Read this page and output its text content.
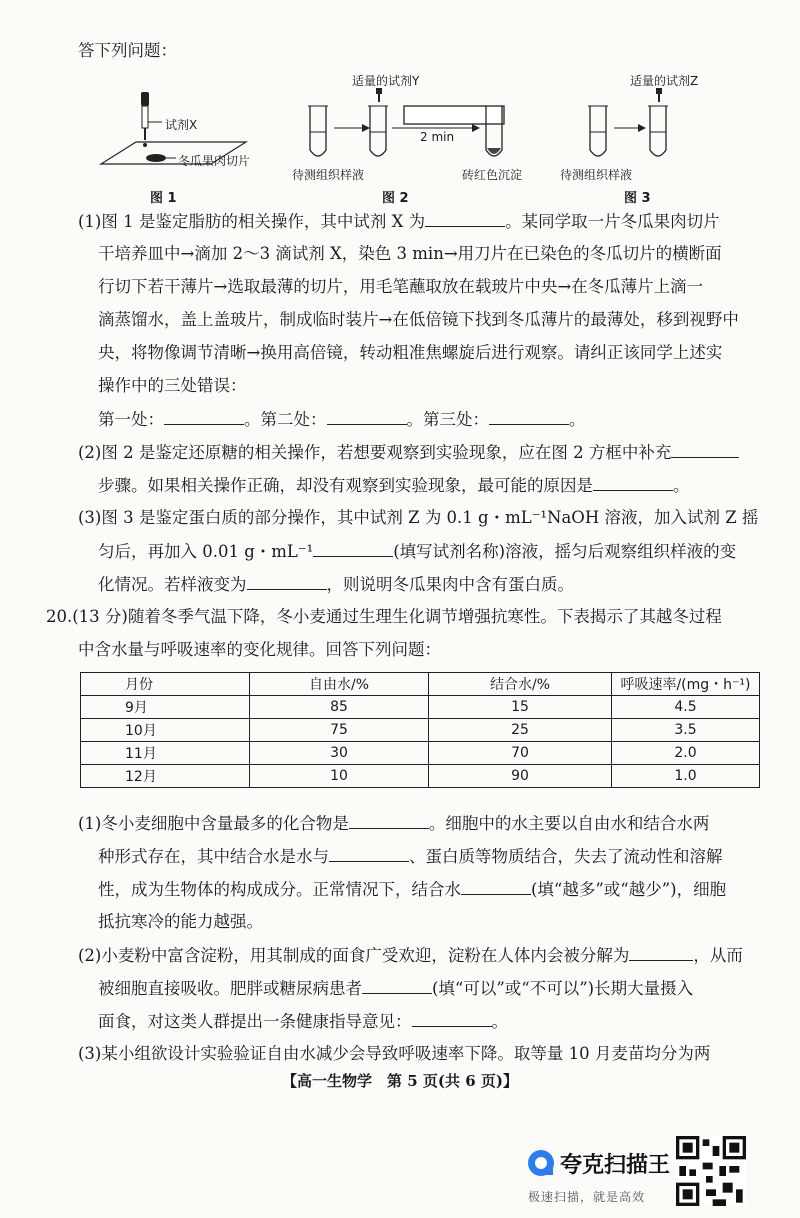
答下列问题：
试剂X
冬瓜果肉切片
图 1
适量的试剂Y
2 min
待测组织样液	砖红色沉淀
图 2
适量的试剂Z
待测组织样液
图 3
(1)图 1 是鉴定脂肪的相关操作，其中试剂 X 为	。某同学取一片冬瓜果肉切片
干培养皿中→滴加 2～3 滴试剂 X，染色 3 min→用刀片在已染色的冬瓜切片的横断面
行切下若干薄片→选取最薄的切片，用毛笔蘸取放在载玻片中央→在冬瓜薄片上滴一
滴蒸馏水，盖上盖玻片，制成临时装片→在低倍镜下找到冬瓜薄片的最薄处，移到视野中
央，将物像调节清晰→换用高倍镜，转动粗准焦螺旋后进行观察。请纠正该同学上述实
操作中的三处错误：
第一处：	。第二处：	。第三处：	。
(2)图 2 是鉴定还原糖的相关操作，若想要观察到实验现象，应在图 2 方框中补充
步骤。如果相关操作正确，却没有观察到实验现象，最可能的原因是	。
(3)图 3 是鉴定蛋白质的部分操作，其中试剂 Z 为 0.1 g・mL⁻¹NaOH 溶液，加入试剂 Z 摇
匀后，再加入 0.01 g・mL⁻¹	(填写试剂名称)溶液，摇匀后观察组织样液的变
化情况。若样液变为	，则说明冬瓜果肉中含有蛋白质。
20.(13 分)随着冬季气温下降，冬小麦通过生理生化调节增强抗寒性。下表揭示了其越冬过程
中含水量与呼吸速率的变化规律。回答下列问题：
月份	自由水/%	结合水/%	呼吸速率/(mg・h⁻¹)
9月	85	15	4.5
10月	75	25	3.5
11月	30	70	2.0
12月	10	90	1.0
(1)冬小麦细胞中含量最多的化合物是	。细胞中的水主要以自由水和结合水两
种形式存在，其中结合水是水与	、蛋白质等物质结合，失去了流动性和溶解
性，成为生物体的构成成分。正常情况下，结合水	(填“越多”或“越少”)，细胞
抵抗寒冷的能力越强。
(2)小麦粉中富含淀粉，用其制成的面食广受欢迎，淀粉在人体内会被分解为	，从而
被细胞直接吸收。肥胖或糖尿病患者	(填“可以”或“不可以”)长期大量摄入
面食，对这类人群提出一条健康指导意见：	。
(3)某小组欲设计实验验证自由水减少会导致呼吸速率下降。取等量 10 月麦苗均分为两
【高一生物学　第 5 页(共 6 页)】
夸克扫描王
极速扫描，就是高效
